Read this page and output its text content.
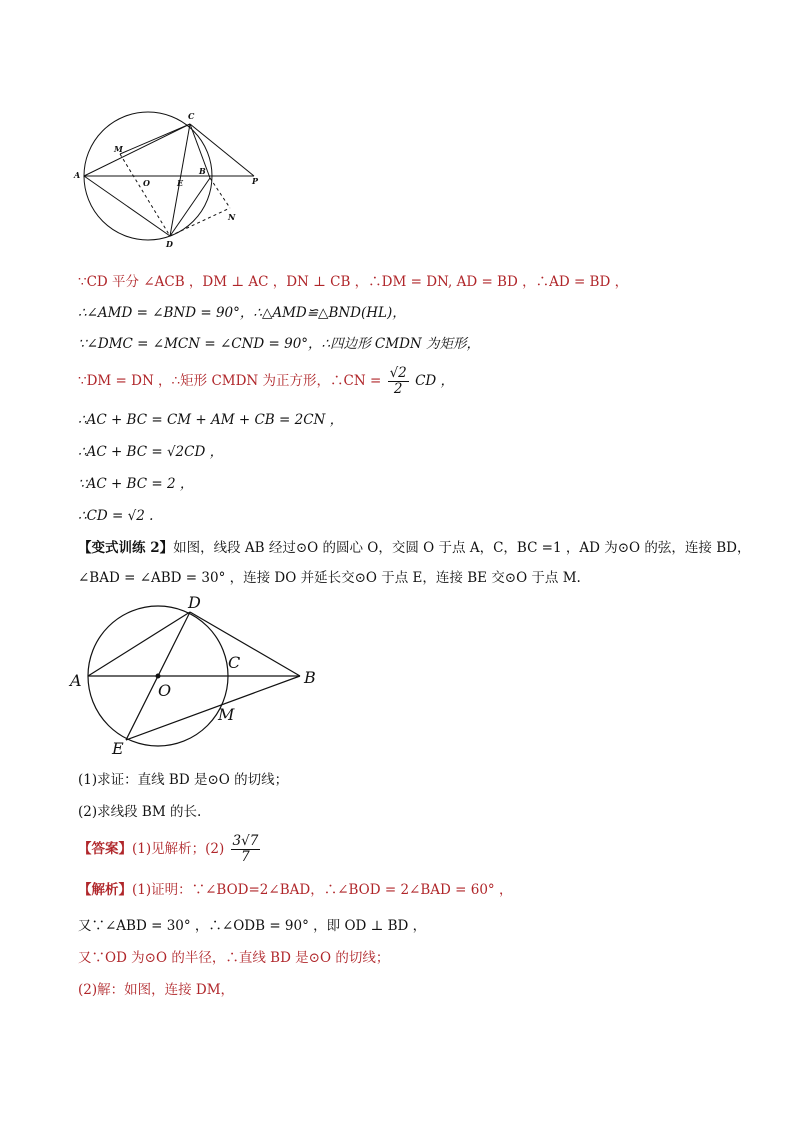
A
M
C
O	E
B
P
N
D
∵CD 平分 ∠ACB ，DM ⊥ AC ，DN ⊥ CB ，∴DM = DN, AD = BD ，∴AD = BD ，
∴∠AMD = ∠BND = 90°，∴△AMD≌△BND(HL)，
∵∠DMC = ∠MCN = ∠CND = 90°，∴四边形 CMDN 为矩形，
∵DM = DN ，∴矩形 CMDN 为正方形，∴CN = $\frac{√2}{2}$ CD ，
∴AC + BC = CM + AM + CB = 2CN ，
∴AC + BC = √2CD ，
∵AC + BC = 2 ，
∴CD = √2 .
【变式训练 2】如图，线段 AB 经过⊙O 的圆心 O，交圆 O 于点 A，C，BC =1 ，AD 为⊙O 的弦，连接 BD，
∠BAD = ∠ABD = 30° ，连接 DO 并延长交⊙O 于点 E，连接 BE 交⊙O 于点 M.
D
A
C
B
O
M
E
(1)求证：直线 BD 是⊙O 的切线；
(2)求线段 BM 的长.
【答案】(1)见解析；$(2) \frac{3√7}{7}$
【解析】(1)证明：∵∠BOD=2∠BAD，∴∠BOD = 2∠BAD = 60° ，
又∵∠ABD = 30° ，∴∠ODB = 90° ，即 OD ⊥ BD ，
又∵OD 为⊙O 的半径，∴直线 BD 是⊙O 的切线；
(2)解：如图，连接 DM，
